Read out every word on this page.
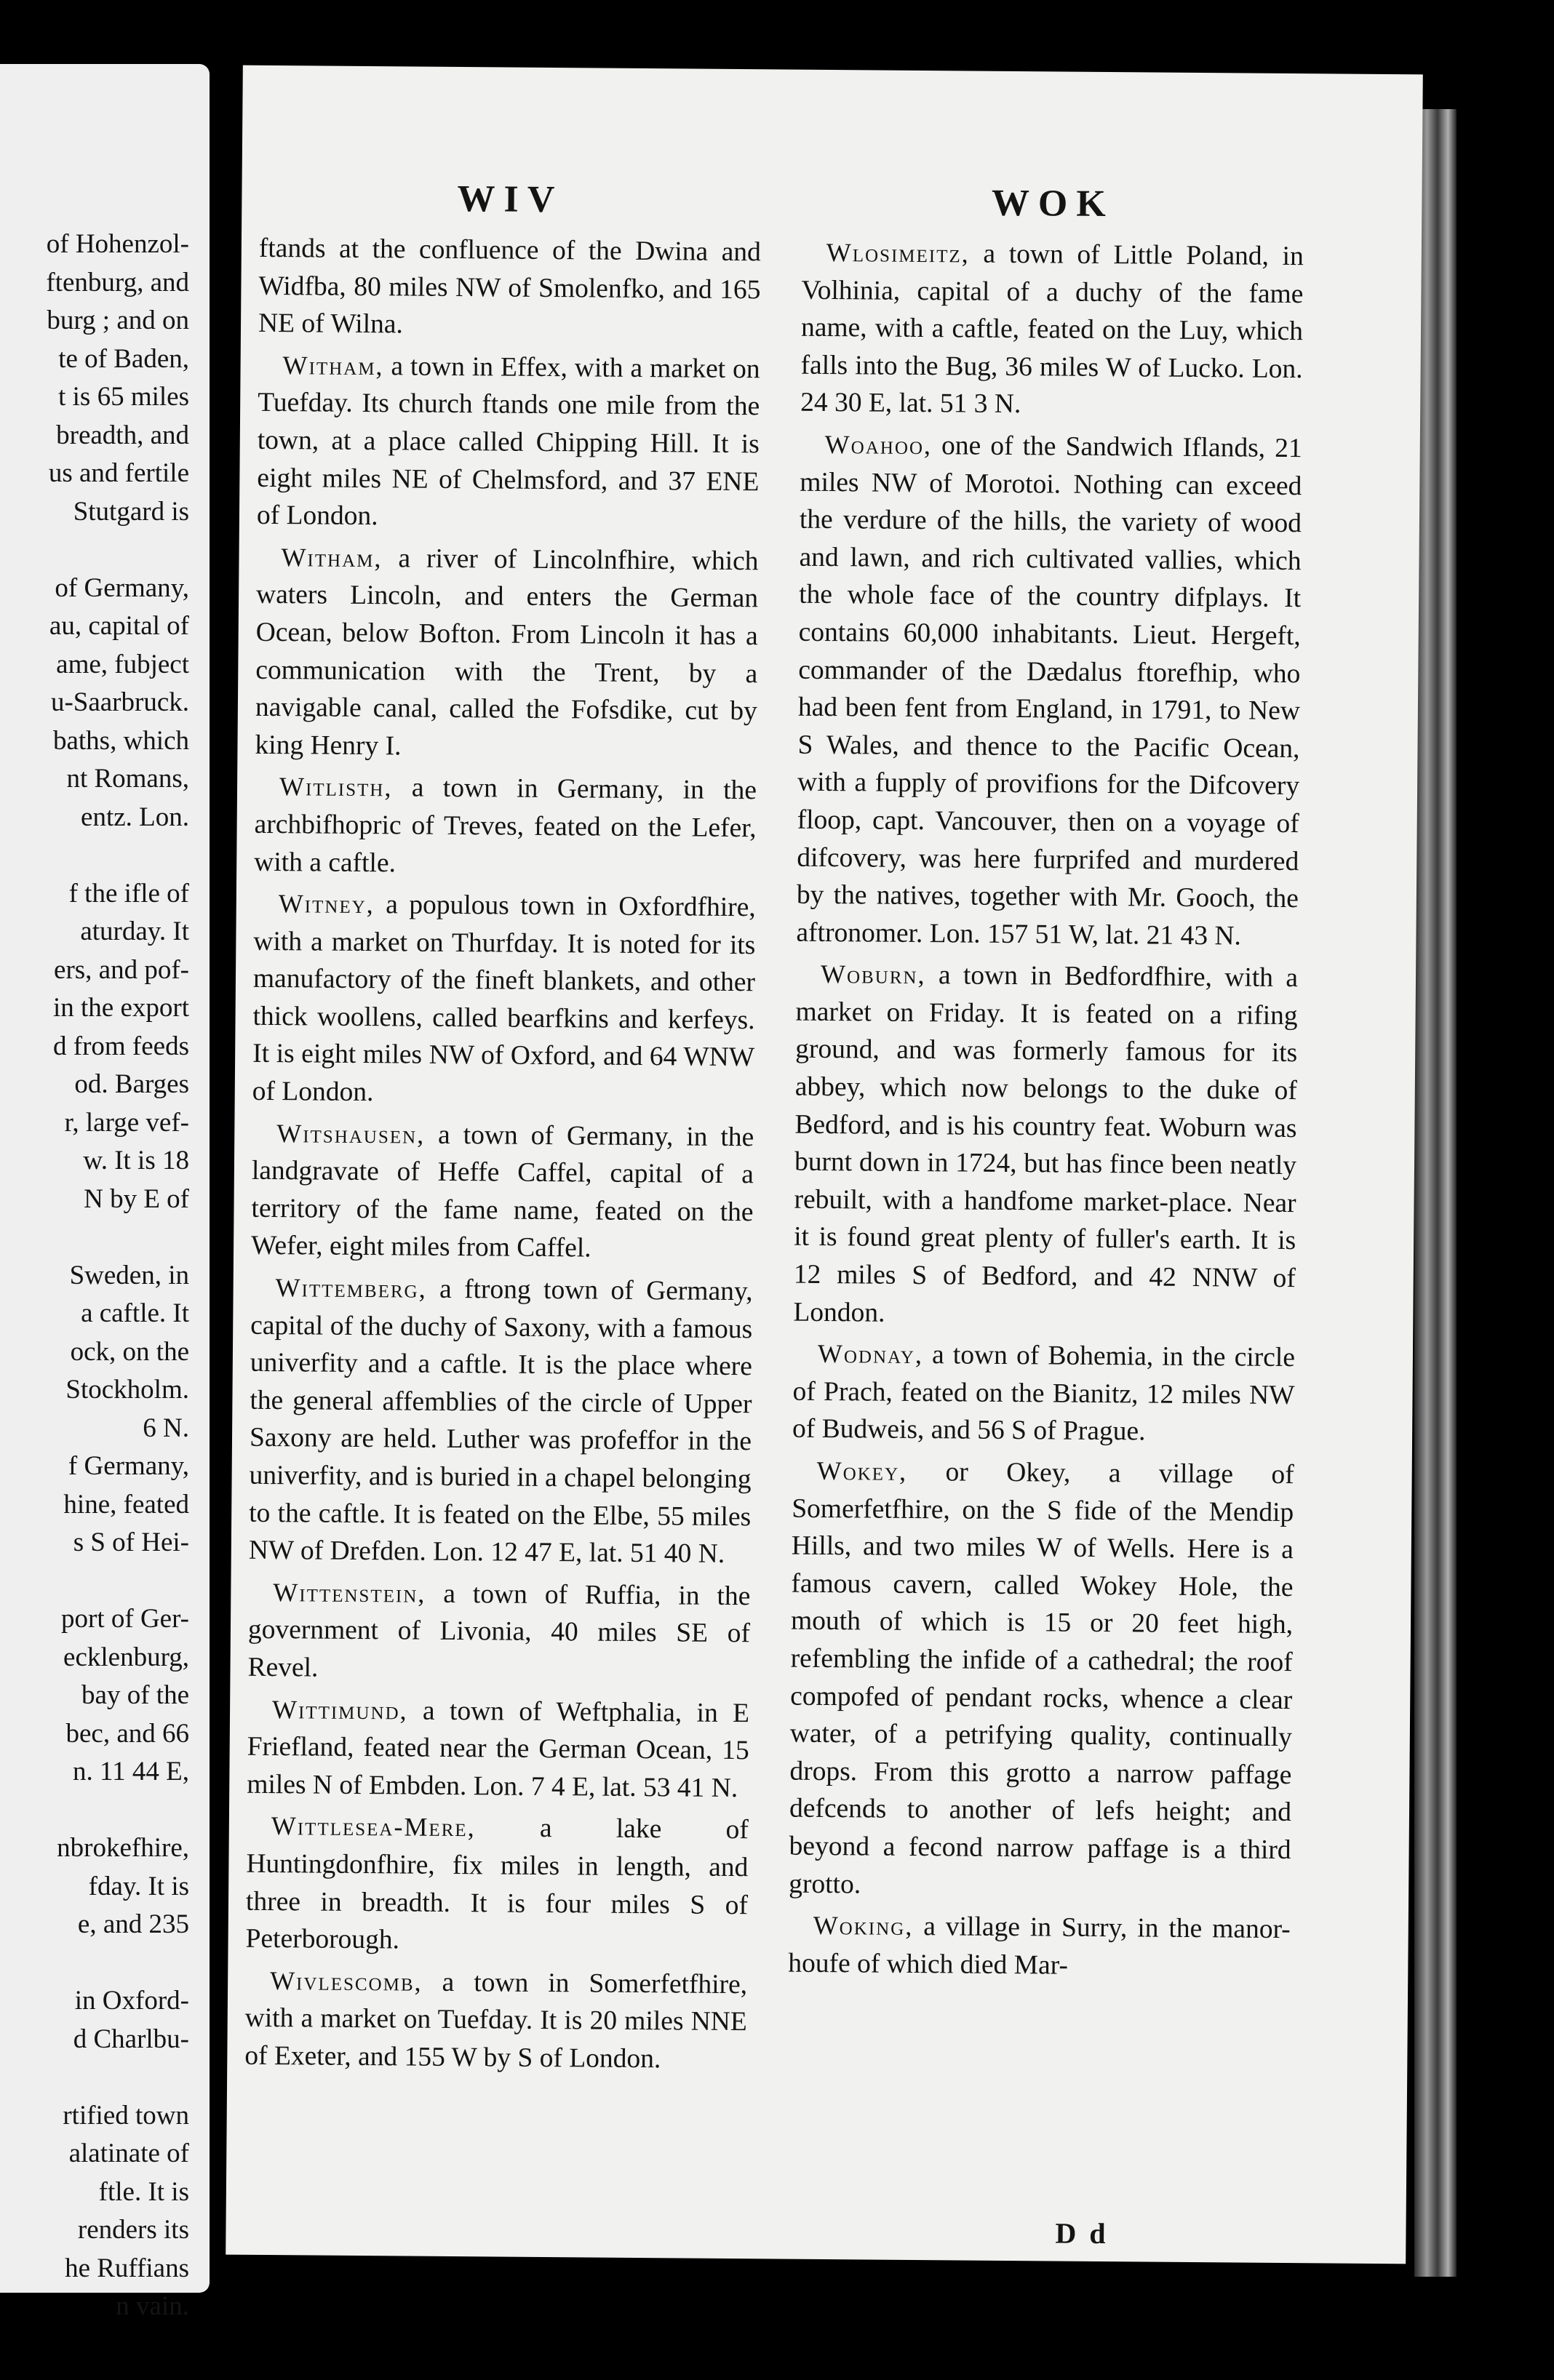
of Hohenzol-
ftenburg, and
burg ; and on
te of Baden,
t is 65 miles
breadth, and
us and fertile
Stutgard is
of Germany,
au, capital of
ame, fubject
u-Saarbruck.
baths, which
nt Romans,
entz. Lon.
f the ifle of
aturday. It
ers, and pof-
in the export
d from feeds
od. Barges
r, large vef-
w. It is 18
N by E of
Sweden, in
a caftle. It
ock, on the
Stockholm.
6 N.
f Germany,
hine, feated
s S of Hei-
port of Ger-
ecklenburg,
bay of the
bec, and 66
n. 11 44 E,
nbrokefhire,
fday. It is
e, and 235
in Oxford-
d Charlbu-
rtified town
alatinate of
ftle. It is
renders its
he Ruffians
n vain.
WIV

ftands at the confluence of the Dwina and Widfba, 80 miles NW of Smolenfko, and 165 NE of Wilna.

Witham, a town in Effex, with a market on Tuefday. Its church ftands one mile from the town, at a place called Chipping Hill. It is eight miles NE of Chelmsford, and 37 ENE of London.

Witham, a river of Lincolnfhire, which waters Lincoln, and enters the German Ocean, below Bofton. From Lincoln it has a communication with the Trent, by a navigable canal, called the Fofsdike, cut by king Henry I.

Witlisth, a town in Germany, in the archbifhopric of Treves, feated on the Lefer, with a caftle.

Witney, a populous town in Oxfordfhire, with a market on Thurfday. It is noted for its manufactory of the fineft blankets, and other thick woollens, called bearfkins and kerfeys. It is eight miles NW of Oxford, and 64 WNW of London.

Witshausen, a town of Germany, in the landgravate of Heffe Caffel, capital of a territory of the fame name, feated on the Wefer, eight miles from Caffel.

Wittemberg, a ftrong town of Germany, capital of the duchy of Saxony, with a famous univerfity and a caftle. It is the place where the general affemblies of the circle of Upper Saxony are held. Luther was profeffor in the univerfity, and is buried in a chapel belonging to the caftle. It is feated on the Elbe, 55 miles NW of Drefden. Lon. 12 47 E, lat. 51 40 N.

Wittenstein, a town of Ruffia, in the government of Livonia, 40 miles SE of Revel.

Wittimund, a town of Weftphalia, in E Friefland, feated near the German Ocean, 15 miles N of Embden. Lon. 7 4 E, lat. 53 41 N.

Wittlesea-Mere, a lake of Huntingdonfhire, fix miles in length, and three in breadth. It is four miles S of Peterborough.

Wivlescomb, a town in Somerfetfhire, with a market on Tuefday. It is 20 miles NNE of Exeter, and 155 W by S of London.

WOK

Wlosimeitz, a town of Little Poland, in Volhinia, capital of a duchy of the fame name, with a caftle, feated on the Luy, which falls into the Bug, 36 miles W of Lucko. Lon. 24 30 E, lat. 51 3 N.

Woahoo, one of the Sandwich Iflands, 21 miles NW of Morotoi. Nothing can exceed the verdure of the hills, the variety of wood and lawn, and rich cultivated vallies, which the whole face of the country difplays. It contains 60,000 inhabitants. Lieut. Hergeft, commander of the Dædalus ftorefhip, who had been fent from England, in 1791, to New S Wales, and thence to the Pacific Ocean, with a fupply of provifions for the Difcovery floop, capt. Vancouver, then on a voyage of difcovery, was here furprifed and murdered by the natives, together with Mr. Gooch, the aftronomer. Lon. 157 51 W, lat. 21 43 N.

Woburn, a town in Bedfordfhire, with a market on Friday. It is feated on a rifing ground, and was formerly famous for its abbey, which now belongs to the duke of Bedford, and is his country feat. Woburn was burnt down in 1724, but has fince been neatly rebuilt, with a handfome market-place. Near it is found great plenty of fuller's earth. It is 12 miles S of Bedford, and 42 NNW of London.

Wodnay, a town of Bohemia, in the circle of Prach, feated on the Bianitz, 12 miles NW of Budweis, and 56 S of Prague.

Wokey, or Okey, a village of Somerfetfhire, on the S fide of the Mendip Hills, and two miles W of Wells. Here is a famous cavern, called Wokey Hole, the mouth of which is 15 or 20 feet high, refembling the infide of a cathedral; the roof compofed of pendant rocks, whence a clear water, of a petrifying quality, continually drops. From this grotto a narrow paffage defcends to another of lefs height; and beyond a fecond narrow paffage is a third grotto.

Woking, a village in Surry, in the manor-houfe of which died Mar-

D d
